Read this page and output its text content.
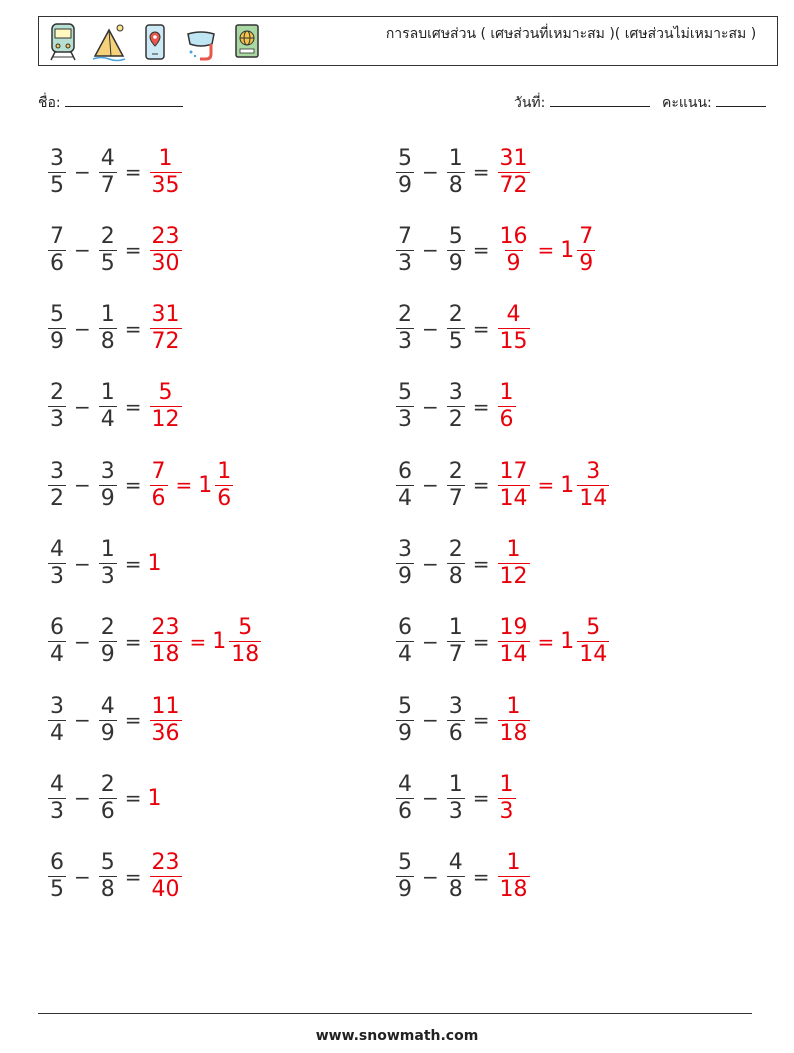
การลบเศษส่วน ( เศษส่วนที่เหมาะสม )( เศษส่วนไม่เหมาะสม )
ชื่อ:	วันที่:	คะแนน:
$\frac{3}{5} - \frac{4}{7} = \frac{1}{35}$	$\frac{5}{9} - \frac{1}{8} = \frac{31}{72}$
$\frac{7}{6} - \frac{2}{5} = \frac{23}{30}$	$\frac{7}{3} - \frac{5}{9} = \frac{16}{9} = 1 \frac{7}{9}$
$\frac{5}{9} - \frac{1}{8} = \frac{31}{72}$	$\frac{2}{3} - \frac{2}{5} = \frac{4}{15}$
$\frac{2}{3} - \frac{1}{4} = \frac{5}{12}$	$\frac{5}{3} - \frac{3}{2} = \frac{1}{6}$
$\frac{3}{2} - \frac{3}{9} = \frac{7}{6} = 1 \frac{1}{6}$	$\frac{6}{4} - \frac{2}{7} = \frac{17}{14} = 1 \frac{3}{14}$
$\frac{4}{3} - \frac{1}{3} = 1$	$\frac{3}{9} - \frac{2}{8} = \frac{1}{12}$
$\frac{6}{4} - \frac{2}{9} = \frac{23}{18} = 1 \frac{5}{18}$	$\frac{6}{4} - \frac{1}{7} = \frac{19}{14} = 1 \frac{5}{14}$
$\frac{3}{4} - \frac{4}{9} = \frac{11}{36}$	$\frac{5}{9} - \frac{3}{6} = \frac{1}{18}$
$\frac{4}{3} - \frac{2}{6} = 1$	$\frac{4}{6} - \frac{1}{3} = \frac{1}{3}$
$\frac{6}{5} - \frac{5}{8} = \frac{23}{40}$	$\frac{5}{9} - \frac{4}{8} = \frac{1}{18}$
www.snowmath.com
